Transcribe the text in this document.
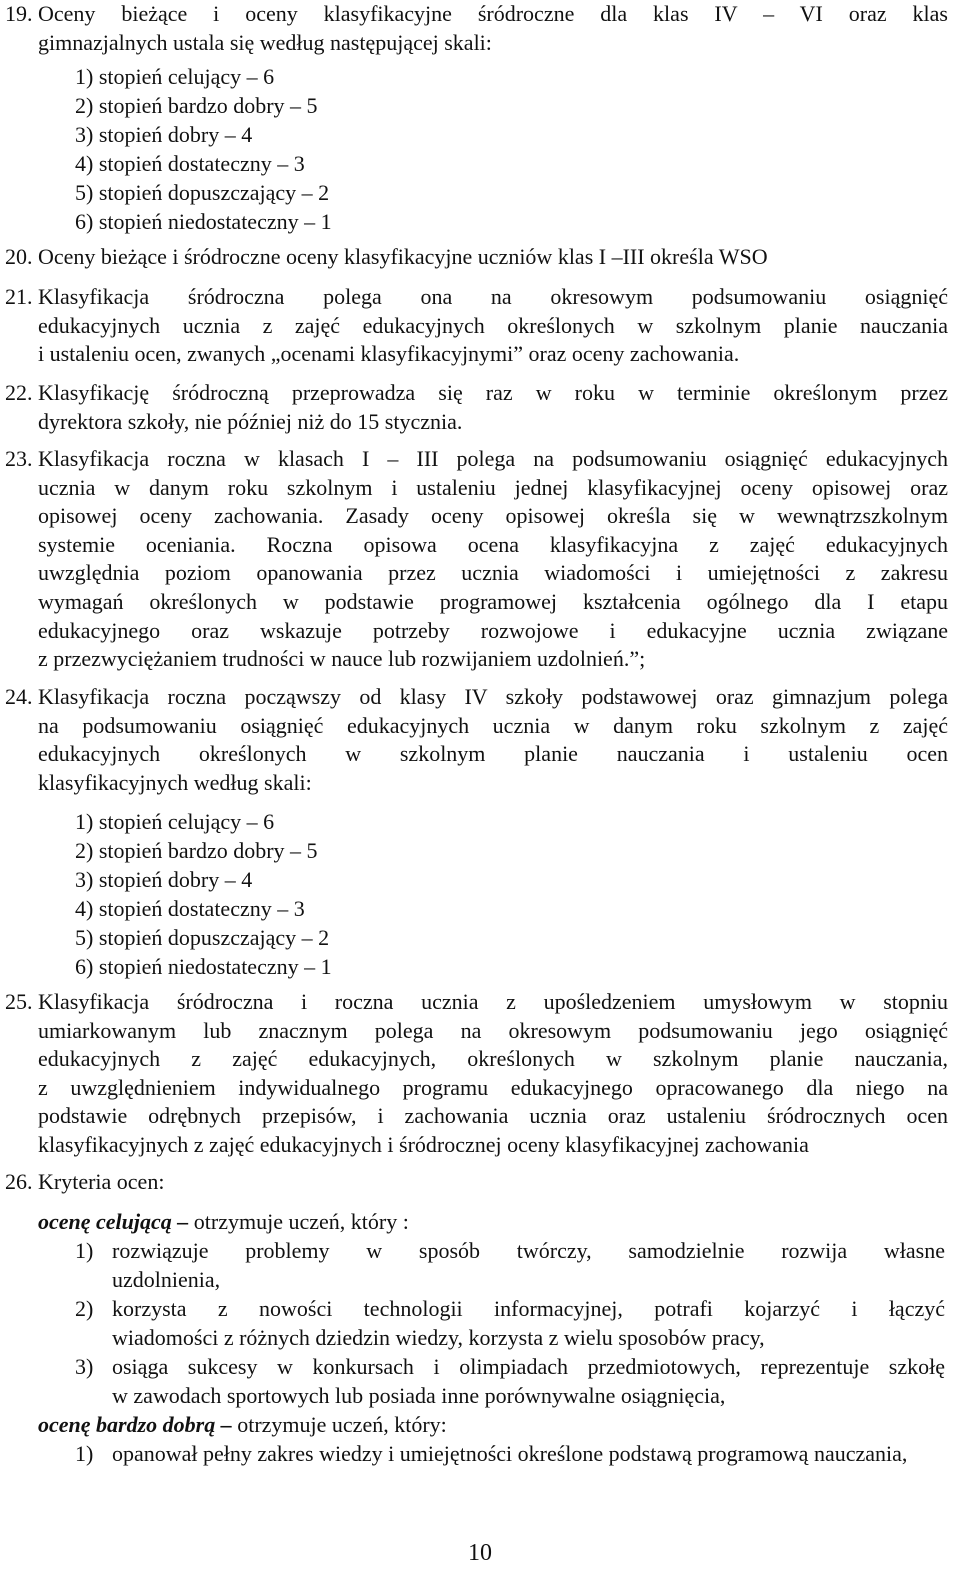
19. Oceny bieżące i oceny klasyfikacyjne śródroczne dla klas IV – VI oraz klas
gimnazjalnych ustala się według następującej skali:
1) stopień celujący – 6
2) stopień bardzo dobry – 5
3) stopień dobry – 4
4) stopień dostateczny – 3
5) stopień dopuszczający – 2
6) stopień niedostateczny – 1
20. Oceny bieżące i śródroczne oceny klasyfikacyjne uczniów klas I –III określa WSO
21. Klasyfikacja śródroczna polega ona na okresowym podsumowaniu osiągnięć
edukacyjnych ucznia z zajęć edukacyjnych określonych w szkolnym planie nauczania
i ustaleniu ocen, zwanych „ocenami klasyfikacyjnymi” oraz oceny zachowania.
22. Klasyfikację śródroczną przeprowadza się raz w roku w terminie określonym przez
dyrektora szkoły, nie później niż do 15 stycznia.
23. Klasyfikacja roczna w klasach I – III polega na podsumowaniu osiągnięć edukacyjnych
ucznia w danym roku szkolnym i ustaleniu jednej klasyfikacyjnej oceny opisowej oraz
opisowej oceny zachowania. Zasady oceny opisowej określa się w wewnątrzszkolnym
systemie oceniania. Roczna opisowa ocena klasyfikacyjna z zajęć edukacyjnych
uwzględnia poziom opanowania przez ucznia wiadomości i umiejętności z zakresu
wymagań określonych w podstawie programowej kształcenia ogólnego dla I etapu
edukacyjnego oraz wskazuje potrzeby rozwojowe i edukacyjne ucznia związane
z przezwyciężaniem trudności w nauce lub rozwijaniem uzdolnień.”;
24. Klasyfikacja roczna począwszy od klasy IV szkoły podstawowej oraz gimnazjum polega
na podsumowaniu osiągnięć edukacyjnych ucznia w danym roku szkolnym z zajęć
edukacyjnych określonych w szkolnym planie nauczania i ustaleniu ocen
klasyfikacyjnych według skali:
1) stopień celujący – 6
2) stopień bardzo dobry – 5
3) stopień dobry – 4
4) stopień dostateczny – 3
5) stopień dopuszczający – 2
6) stopień niedostateczny – 1
25. Klasyfikacja śródroczna i roczna ucznia z upośledzeniem umysłowym w stopniu
umiarkowanym lub znacznym polega na okresowym podsumowaniu jego osiągnięć
edukacyjnych z zajęć edukacyjnych, określonych w szkolnym planie nauczania,
z uwzględnieniem indywidualnego programu edukacyjnego opracowanego dla niego na
podstawie odrębnych przepisów, i zachowania ucznia oraz ustaleniu śródrocznych ocen
klasyfikacyjnych z zajęć edukacyjnych i śródrocznej oceny klasyfikacyjnej zachowania
26. Kryteria ocen:
ocenę celującą – otrzymuje uczeń, który :
1) rozwiązuje problemy w sposób twórczy, samodzielnie rozwija własne
uzdolnienia,
2) korzysta z nowości technologii informacyjnej, potrafi kojarzyć i łączyć
wiadomości z różnych dziedzin wiedzy, korzysta z wielu sposobów pracy,
3) osiąga sukcesy w konkursach i olimpiadach przedmiotowych, reprezentuje szkołę
w zawodach sportowych lub posiada inne porównywalne osiągnięcia,
ocenę bardzo dobrą – otrzymuje uczeń, który:
1) opanował pełny zakres wiedzy i umiejętności określone podstawą programową nauczania,
10
